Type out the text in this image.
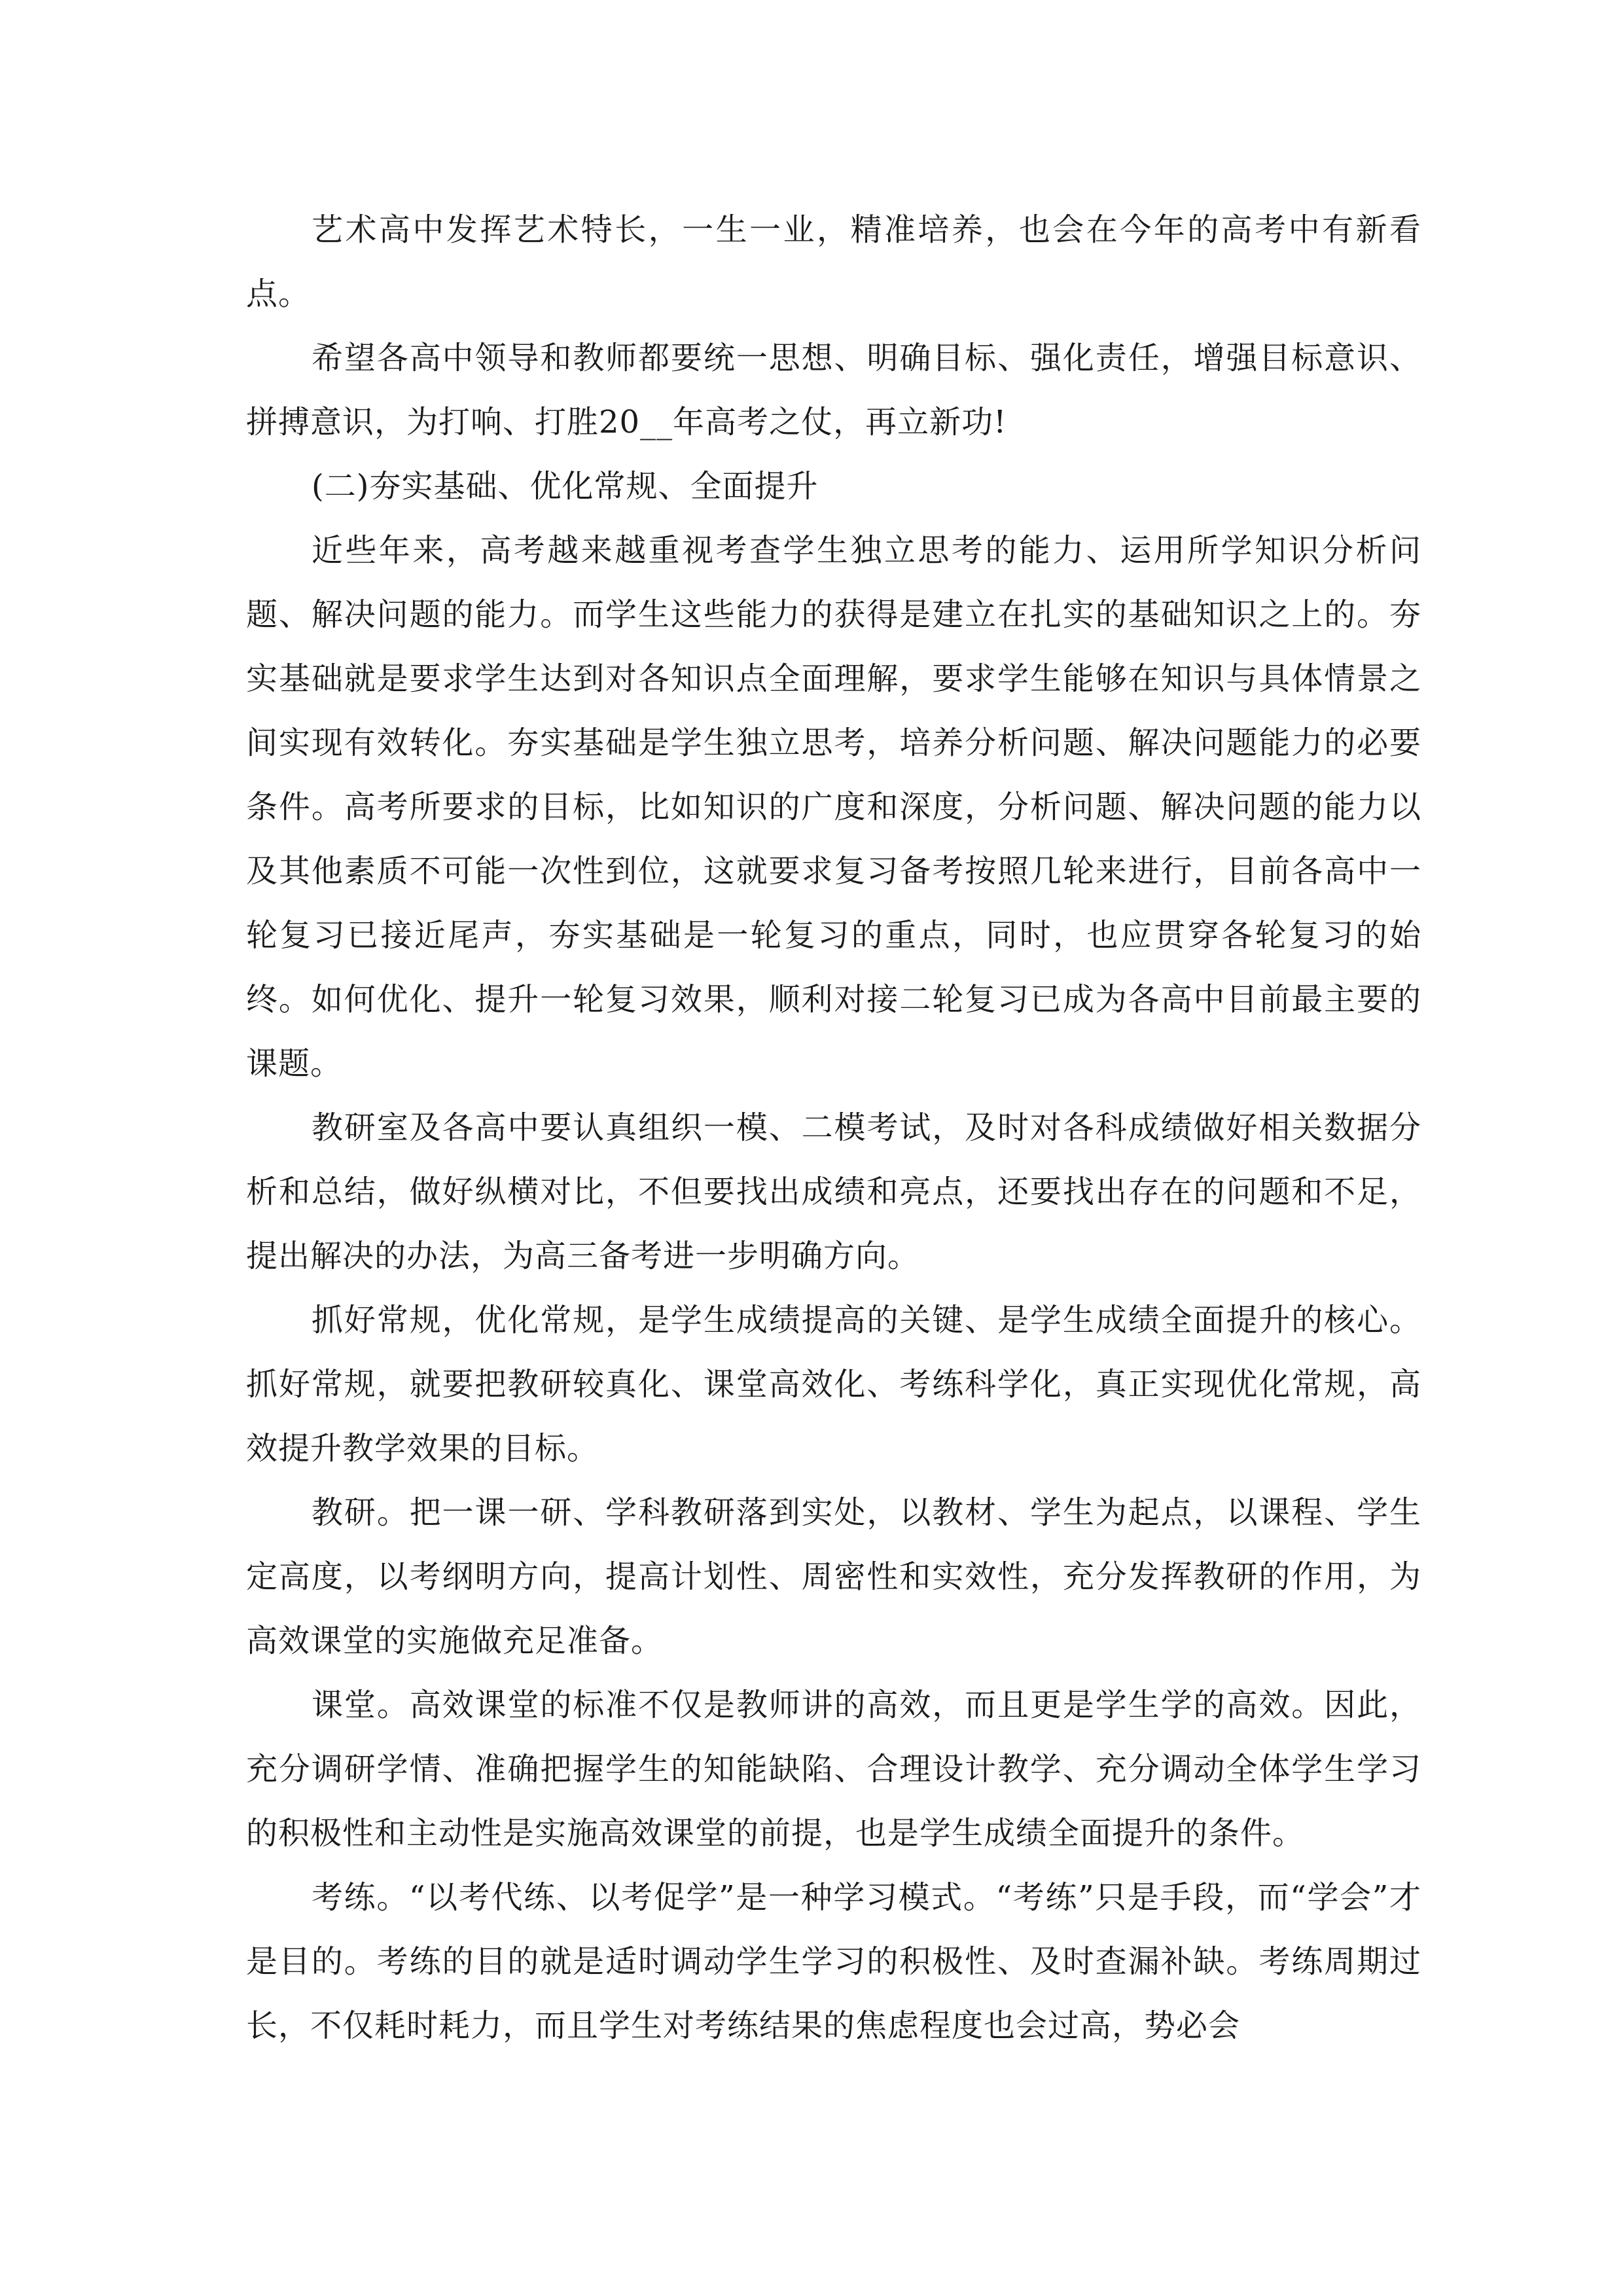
艺术高中发挥艺术特长，一生一业，精准培养，也会在今年的高考中有新看点。

希望各高中领导和教师都要统一思想、明确目标、强化责任，增强目标意识、拼搏意识，为打响、打胜20__年高考之仗，再立新功!

(二)夯实基础、优化常规、全面提升

近些年来，高考越来越重视考查学生独立思考的能力、运用所学知识分析问题、解决问题的能力。而学生这些能力的获得是建立在扎实的基础知识之上的。夯实基础就是要求学生达到对各知识点全面理解，要求学生能够在知识与具体情景之间实现有效转化。夯实基础是学生独立思考，培养分析问题、解决问题能力的必要条件。高考所要求的目标，比如知识的广度和深度，分析问题、解决问题的能力以及其他素质不可能一次性到位，这就要求复习备考按照几轮来进行，目前各高中一轮复习已接近尾声，夯实基础是一轮复习的重点，同时，也应贯穿各轮复习的始终。如何优化、提升一轮复习效果，顺利对接二轮复习已成为各高中目前最主要的课题。

教研室及各高中要认真组织一模、二模考试，及时对各科成绩做好相关数据分析和总结，做好纵横对比，不但要找出成绩和亮点，还要找出存在的问题和不足，提出解决的办法，为高三备考进一步明确方向。

抓好常规，优化常规，是学生成绩提高的关键、是学生成绩全面提升的核心。抓好常规，就要把教研较真化、课堂高效化、考练科学化，真正实现优化常规，高效提升教学效果的目标。

教研。把一课一研、学科教研落到实处，以教材、学生为起点，以课程、学生定高度，以考纲明方向，提高计划性、周密性和实效性，充分发挥教研的作用，为高效课堂的实施做充足准备。

课堂。高效课堂的标准不仅是教师讲的高效，而且更是学生学的高效。因此，充分调研学情、准确把握学生的知能缺陷、合理设计教学、充分调动全体学生学习的积极性和主动性是实施高效课堂的前提，也是学生成绩全面提升的条件。

考练。“以考代练、以考促学”是一种学习模式。“考练”只是手段，而“学会”才是目的。考练的目的就是适时调动学生学习的积极性、及时查漏补缺。考练周期过长，不仅耗时耗力，而且学生对考练结果的焦虑程度也会过高，势必会
